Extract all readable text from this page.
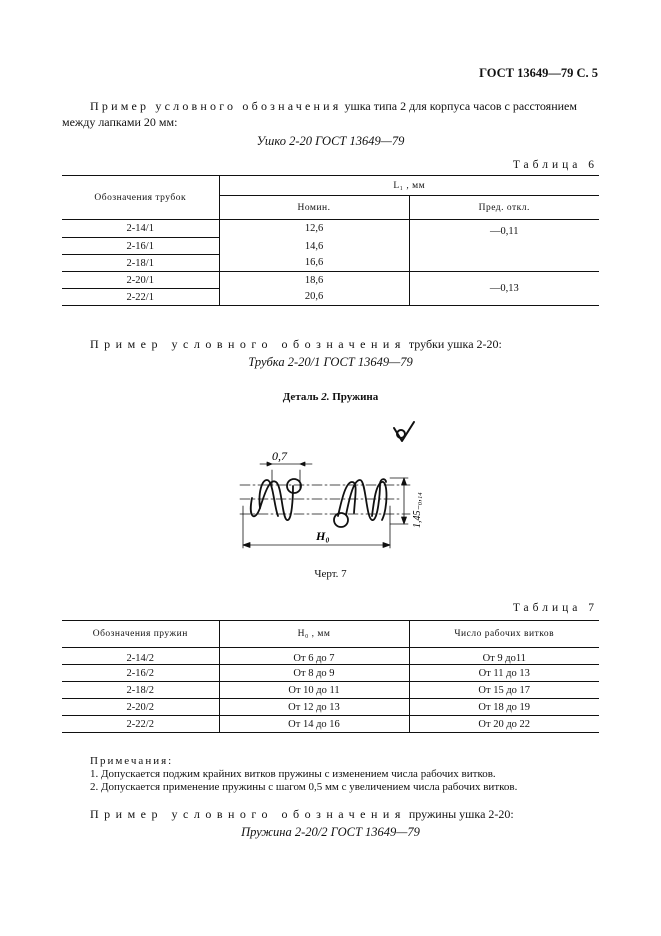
ГОСТ 13649—79 С. 5
Пример условного обозначения ушка типа 2 для корпуса часов с расстоянием
между лапками 20 мм:
Ушко 2-20 ГОСТ 13649—79
Таблица 6
Обозначения трубок	L₁ , мм	
	Номин.	Пред. откл.
2-14/1	12,6	—0,11
2-16/1	14,6	
2-18/1	16,6	
2-20/1	18,6	—0,13
2-22/1	20,6	
Пример условного обозначения трубки ушка 2-20:
Трубка 2-20/1 ГОСТ 13649—79
Деталь 2. Пружина
0,7
H₀
1,45₋₀,₁₄
Черт. 7
Таблица 7
Обозначения пружин	H₀ , мм	Число рабочих витков
2-14/2	От 6 до 7	От 9 до11
2-16/2	От 8 до 9	От 11 до 13
2-18/2	От 10 до 11	От 15 до 17
2-20/2	От 12 до 13	От 18 до 19
2-22/2	От 14 до 16	От 20 до 22
Примечания:
1. Допускается поджим крайних витков пружины с изменением числа рабочих витков.
2. Допускается применение пружины с шагом 0,5 мм с увеличением числа рабочих витков.
Пример условного обозначения пружины ушка 2-20:
Пружина 2-20/2 ГОСТ 13649—79
